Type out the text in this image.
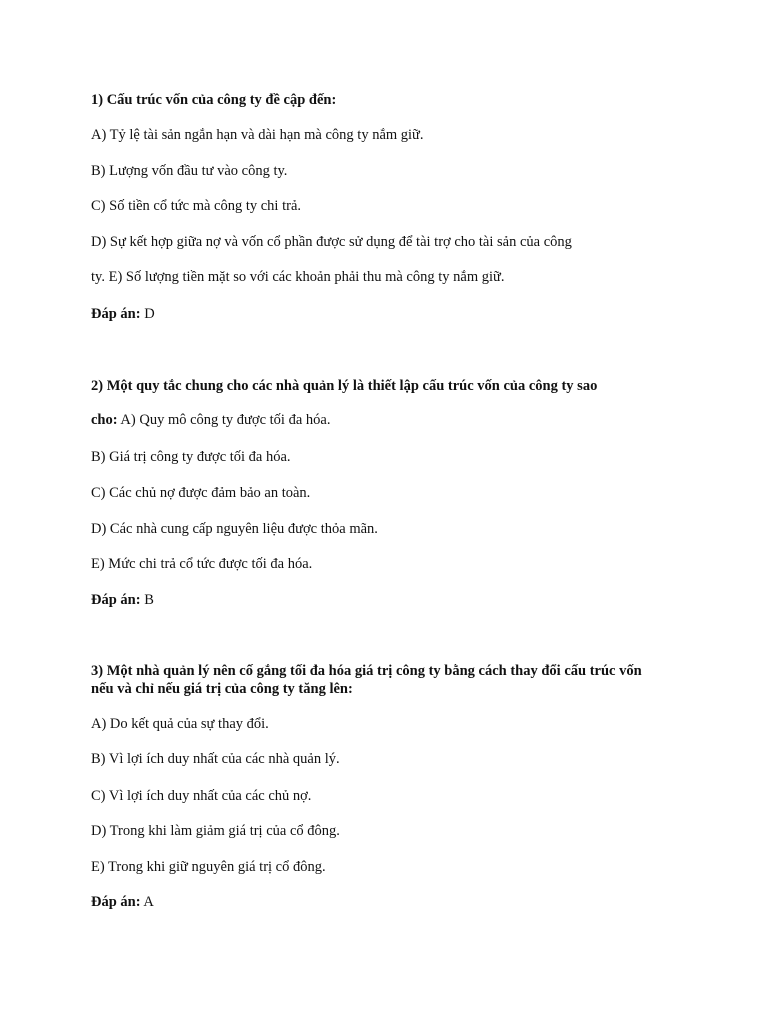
1) Cấu trúc vốn của công ty đề cập đến:
A) Tỷ lệ tài sản ngắn hạn và dài hạn mà công ty nắm giữ.
B) Lượng vốn đầu tư vào công ty.
C) Số tiền cổ tức mà công ty chi trả.
D) Sự kết hợp giữa nợ và vốn cổ phần được sử dụng để tài trợ cho tài sản của công
ty. E) Số lượng tiền mặt so với các khoản phải thu mà công ty nắm giữ.
Đáp án: D
2) Một quy tắc chung cho các nhà quản lý là thiết lập cấu trúc vốn của công ty sao
cho: A) Quy mô công ty được tối đa hóa.
B) Giá trị công ty được tối đa hóa.
C) Các chủ nợ được đảm bảo an toàn.
D) Các nhà cung cấp nguyên liệu được thỏa mãn.
E) Mức chi trả cổ tức được tối đa hóa.
Đáp án: B
3) Một nhà quản lý nên cố gắng tối đa hóa giá trị công ty bằng cách thay đổi cấu trúc vốn
nếu và chỉ nếu giá trị của công ty tăng lên:
A) Do kết quả của sự thay đổi.
B) Vì lợi ích duy nhất của các nhà quản lý.
C) Vì lợi ích duy nhất của các chủ nợ.
D) Trong khi làm giảm giá trị của cổ đông.
E) Trong khi giữ nguyên giá trị cổ đông.
Đáp án: A
